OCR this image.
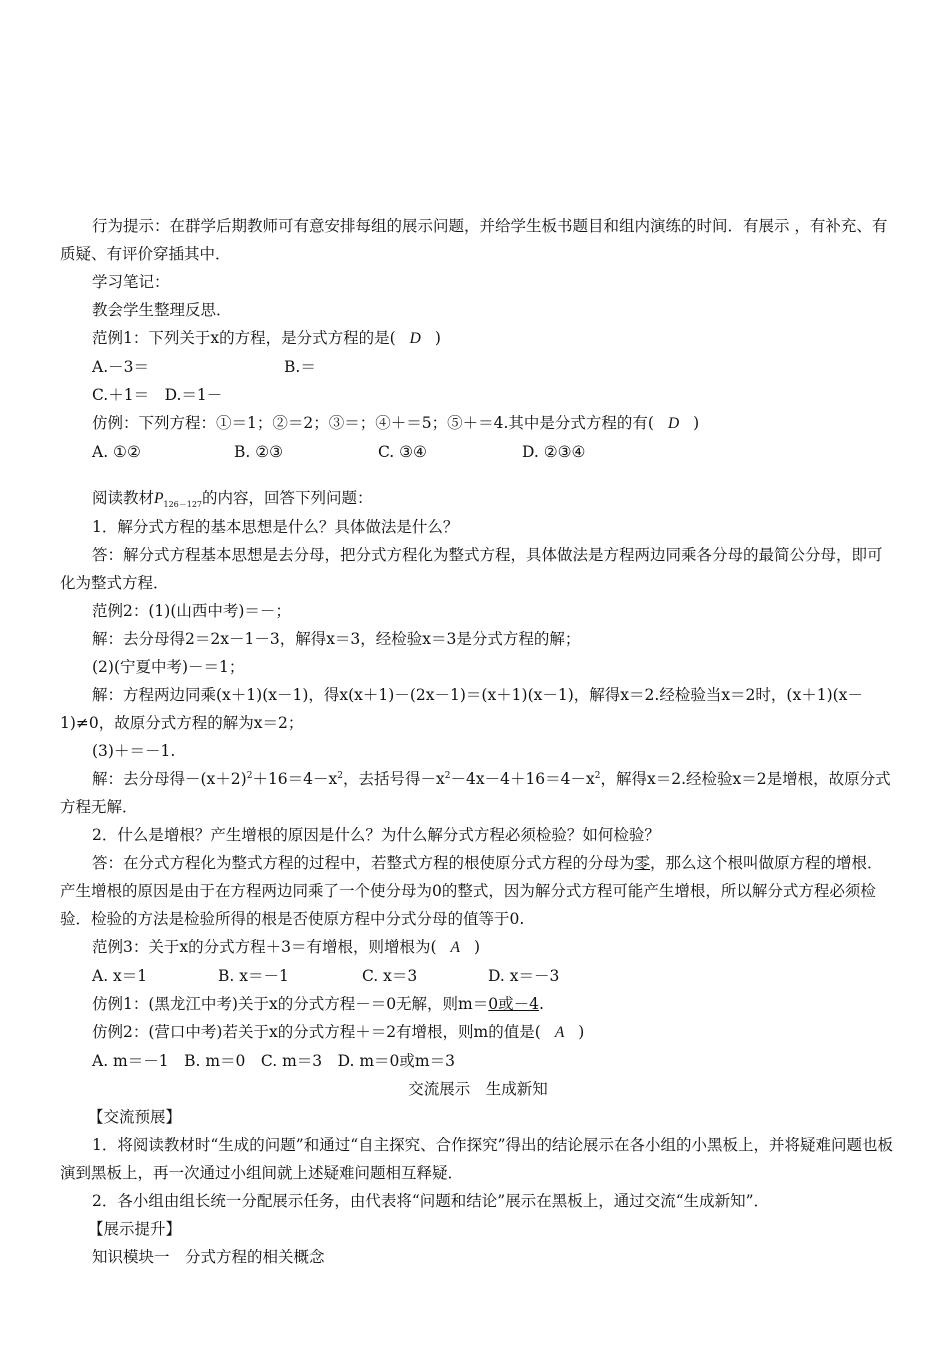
行为提示：在群学后期教师可有意安排每组的展示问题，并给学生板书题目和组内演练的时间．有展示 ，有补充、有质疑、有评价穿插其中．

学习笔记：

教会学生整理反思．

范例1：下列关于x的方程，是分式方程的是( D )

A.－3＝	B.＝
C.＋1＝　D.＝1－

仿例：下列方程：①＝1；②＝2；③＝；④＋＝5；⑤＋＝4.其中是分式方程的有( D )

A. ①②	B. ②③	C. ③④	D. ②③④

阅读教材$P_{126-127}$的内容，回答下列问题：

1．解分式方程的基本思想是什么？具体做法是什么？

答：解分式方程基本思想是去分母，把分式方程化为整式方程，具体做法是方程两边同乘各分母的最简公分母，即可化为整式方程．

范例2：(1)(山西中考)＝－；

解：去分母得2＝2x－1－3，解得x＝3，经检验x＝3是分式方程的解；

(2)(宁夏中考)－＝1；

解：方程两边同乘(x＋1)(x－1)，得x(x＋1)－(2x－1)＝(x＋1)(x－1)，解得x＝2.经检验当x＝2时，(x＋1)(x－1)≠0，故原分式方程的解为x＝2；

(3)＋＝－1.

解：去分母得$-(x+2)^2+16=4-x^2$，去括号得$-x^2-4x-4+16=4-x^2$，解得x＝2.经检验x＝2是增根，故原分式方程无解．

2．什么是增根？产生增根的原因是什么？为什么解分式方程必须检验？如何检验？

答：在分式方程化为整式方程的过程中，若整式方程的根使原分式方程的分母为零，那么这个根叫做原方程的增根．产生增根的原因是由于在方程两边同乘了一个使分母为0的整式，因为解分式方程可能产生增根，所以解分式方程必须检验．检验的方法是检验所得的根是否使原方程中分式分母的值等于0.

范例3：关于x的分式方程＋3＝有增根，则增根为( A )

A. x＝1	B. x＝－1	C. x＝3	D. x＝－3

仿例1：(黑龙江中考)关于x的分式方程－＝0无解，则m＝0或－4.

仿例2：(营口中考)若关于x的分式方程＋＝2有增根，则m的值是( A )

A. m＝－1　B. m＝0　C. m＝3　D. m＝0或m＝3

交流展示　生成新知

【交流预展】

1．将阅读教材时“生成的问题”和通过“自主探究、合作探究”得出的结论展示在各小组的小黑板上，并将疑难问题也板演到黑板上，再一次通过小组间就上述疑难问题相互释疑．

2．各小组由组长统一分配展示任务，由代表将“问题和结论”展示在黑板上，通过交流“生成新知”．

【展示提升】

知识模块一　分式方程的相关概念
